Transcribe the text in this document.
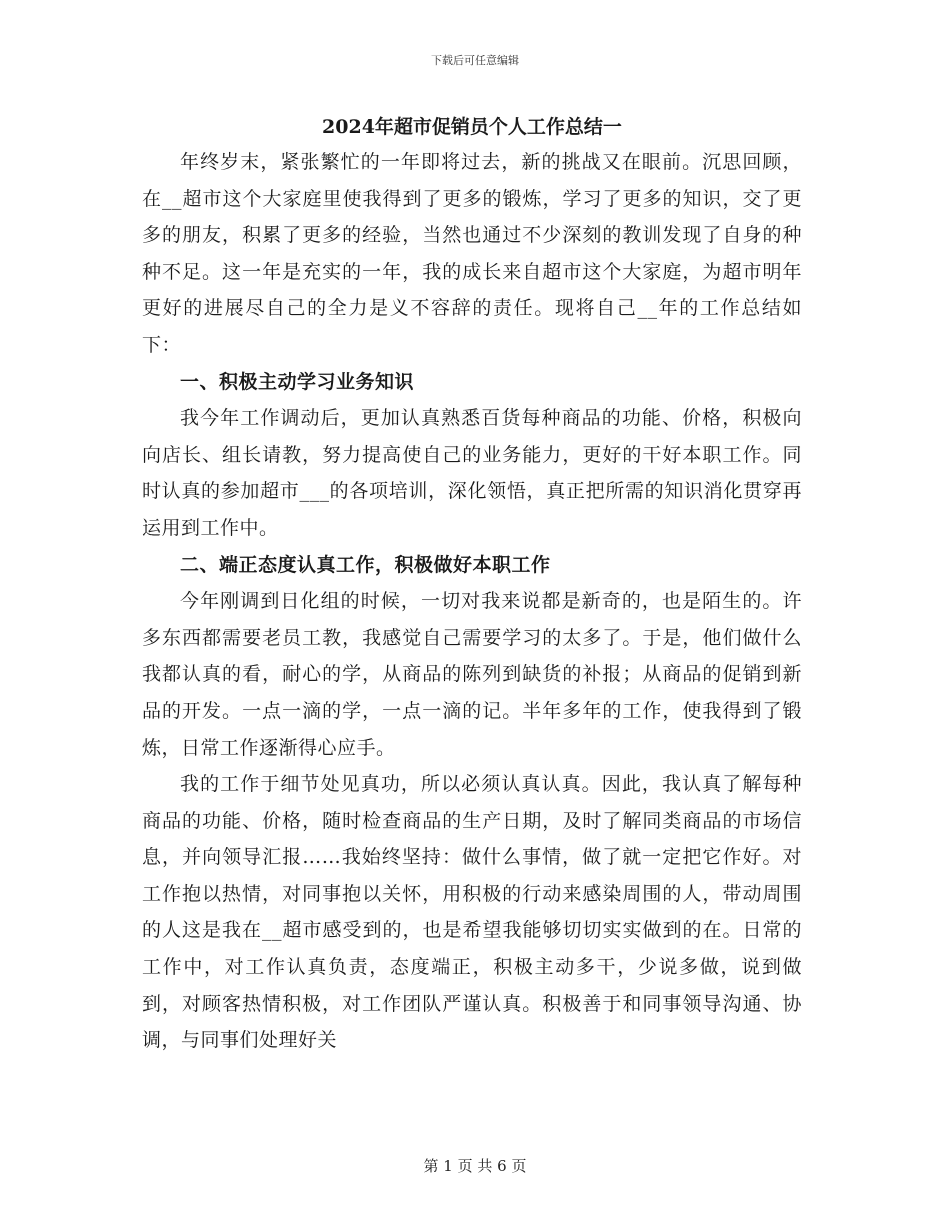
下载后可任意编辑
2024年超市促销员个人工作总结一

年终岁末，紧张繁忙的一年即将过去，新的挑战又在眼前。沉思回顾，在__超市这个大家庭里使我得到了更多的锻炼，学习了更多的知识，交了更多的朋友，积累了更多的经验，当然也通过不少深刻的教训发现了自身的种种不足。这一年是充实的一年，我的成长来自超市这个大家庭，为超市明年更好的进展尽自己的全力是义不容辞的责任。现将自己__年的工作总结如下：

一、积极主动学习业务知识

我今年工作调动后，更加认真熟悉百货每种商品的功能、价格，积极向向店长、组长请教，努力提高使自己的业务能力，更好的干好本职工作。同时认真的参加超市___的各项培训，深化领悟，真正把所需的知识消化贯穿再运用到工作中。

二、端正态度认真工作，积极做好本职工作

今年刚调到日化组的时候，一切对我来说都是新奇的，也是陌生的。许多东西都需要老员工教，我感觉自己需要学习的太多了。于是，他们做什么我都认真的看，耐心的学，从商品的陈列到缺货的补报；从商品的促销到新品的开发。一点一滴的学，一点一滴的记。半年多年的工作，使我得到了锻炼，日常工作逐渐得心应手。

我的工作于细节处见真功，所以必须认真认真。因此，我认真了解每种商品的功能、价格，随时检查商品的生产日期，及时了解同类商品的市场信息，并向领导汇报……我始终坚持：做什么事情，做了就一定把它作好。对工作抱以热情，对同事抱以关怀，用积极的行动来感染周围的人，带动周围的人这是我在__超市感受到的，也是希望我能够切切实实做到的在。日常的工作中，对工作认真负责，态度端正，积极主动多干，少说多做，说到做到，对顾客热情积极，对工作团队严谨认真。积极善于和同事领导沟通、协调，与同事们处理好关

第 1 页 共 6 页
